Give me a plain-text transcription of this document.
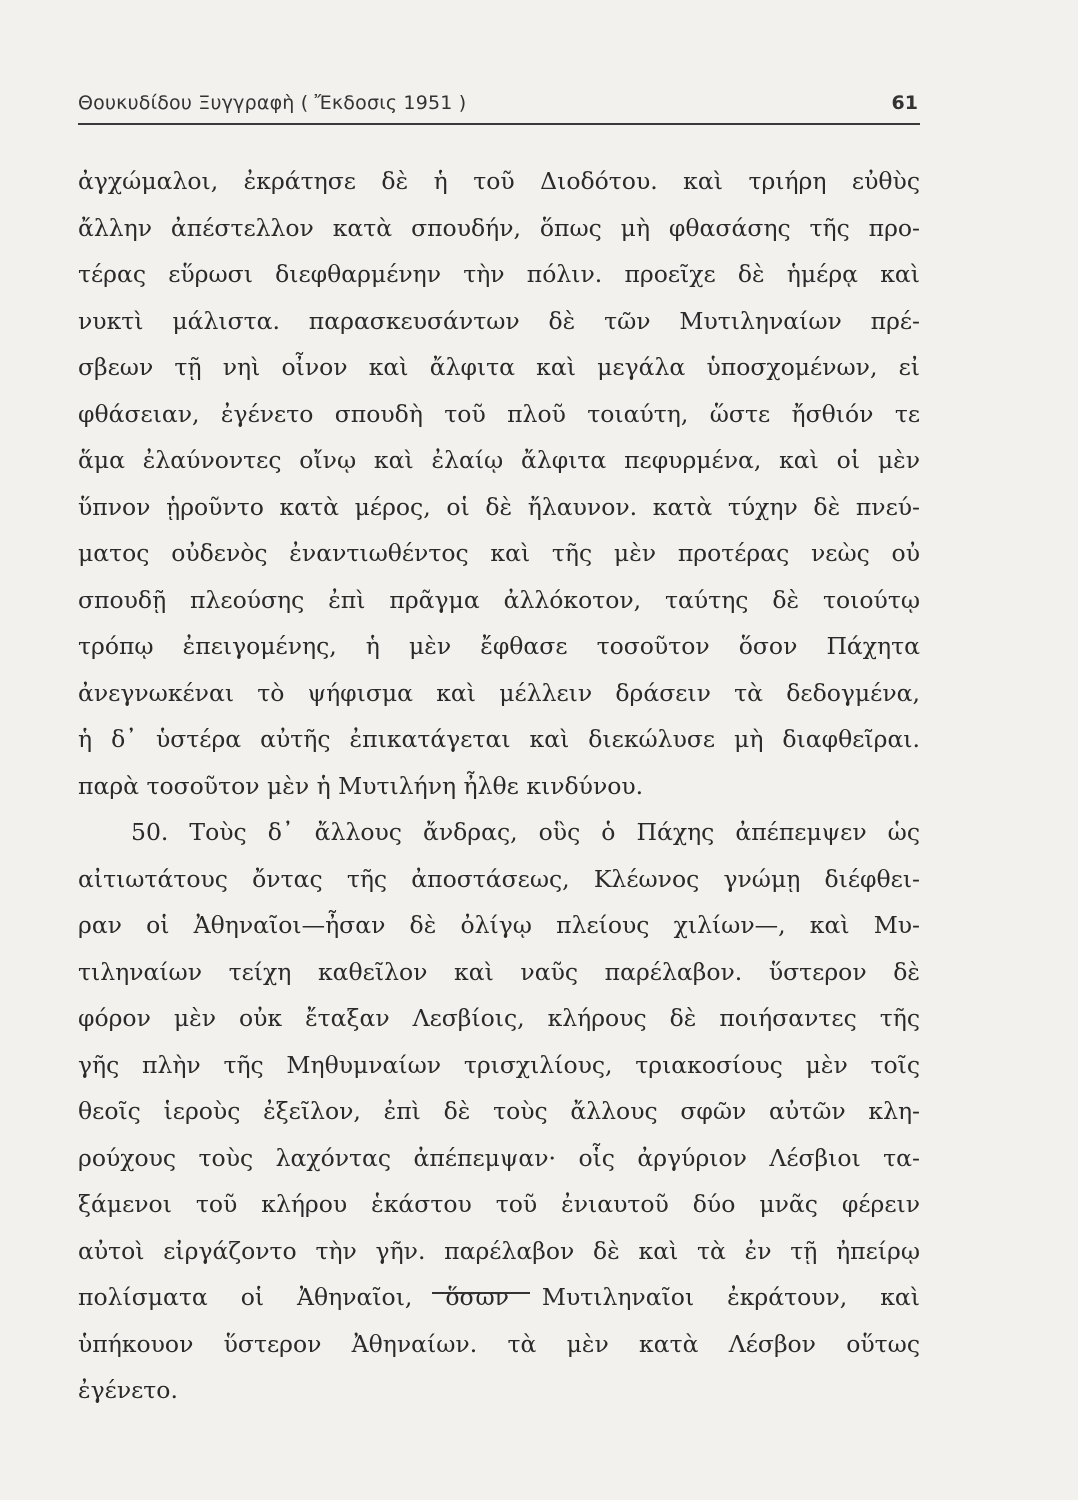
Θουκυδίδου Ξυγγραφὴ ( Ἔκδοσις 1951 )	61
ἀγχώμαλοι, ἐκράτησε δὲ ἡ τοῦ Διοδότου. καὶ τριήρη εὐθὺς
ἄλλην ἀπέστελλον κατὰ σπουδήν, ὅπως μὴ φθασάσης τῆς προ-
τέρας εὕρωσι διεφθαρμένην τὴν πόλιν. προεῖχε δὲ ἡμέρᾳ καὶ
νυκτὶ μάλιστα. παρασκευσάντων δὲ τῶν Μυτιληναίων πρέ-
σβεων τῇ νηὶ οἶνον καὶ ἄλφιτα καὶ μεγάλα ὑποσχομένων, εἰ
φθάσειαν, ἐγένετο σπουδὴ τοῦ πλοῦ τοιαύτη, ὥστε ἤσθιόν τε
ἅμα ἐλαύνοντες οἴνῳ καὶ ἐλαίῳ ἄλφιτα πεφυρμένα, καὶ οἱ μὲν
ὕπνον ᾑροῦντο κατὰ μέρος, οἱ δὲ ἤλαυνον. κατὰ τύχην δὲ πνεύ-
ματος οὐδενὸς ἐναντιωθέντος καὶ τῆς μὲν προτέρας νεὼς οὐ
σπουδῇ πλεούσης ἐπὶ πρᾶγμα ἀλλόκοτον, ταύτης δὲ τοιούτῳ
τρόπῳ ἐπειγομένης, ἡ μὲν ἔφθασε τοσοῦτον ὅσον Πάχητα
ἀνεγνωκέναι τὸ ψήφισμα καὶ μέλλειν δράσειν τὰ δεδογμένα,
ἡ δ᾽ ὑστέρα αὐτῆς ἐπικατάγεται καὶ διεκώλυσε μὴ διαφθεῖραι.
παρὰ τοσοῦτον μὲν ἡ Μυτιλήνη ἦλθε κινδύνου.
50. Τοὺς δ᾽ ἄλλους ἄνδρας, οὓς ὁ Πάχης ἀπέπεμψεν ὡς
αἰτιωτάτους ὄντας τῆς ἀποστάσεως, Κλέωνος γνώμῃ διέφθει-
ραν οἱ Ἀθηναῖοι—ἦσαν δὲ ὀλίγῳ πλείους χιλίων—, καὶ Μυ-
τιληναίων τείχη καθεῖλον καὶ ναῦς παρέλαβον. ὕστερον δὲ
φόρον μὲν οὐκ ἔταξαν Λεσβίοις, κλήρους δὲ ποιήσαντες τῆς
γῆς πλὴν τῆς Μηθυμναίων τρισχιλίους, τριακοσίους μὲν τοῖς
θεοῖς ἱεροὺς ἐξεῖλον, ἐπὶ δὲ τοὺς ἄλλους σφῶν αὐτῶν κλη-
ρούχους τοὺς λαχόντας ἀπέπεμψαν· οἷς ἀργύριον Λέσβιοι τα-
ξάμενοι τοῦ κλήρου ἑκάστου τοῦ ἐνιαυτοῦ δύο μνᾶς φέρειν
αὐτοὶ εἰργάζοντο τὴν γῆν. παρέλαβον δὲ καὶ τὰ ἐν τῇ ἠπείρῳ
πολίσματα οἱ Ἀθηναῖοι, ὅσων Μυτιληναῖοι ἐκράτουν, καὶ
ὑπήκουον ὕστερον Ἀθηναίων. τὰ μὲν κατὰ Λέσβον οὕτως
ἐγένετο.
